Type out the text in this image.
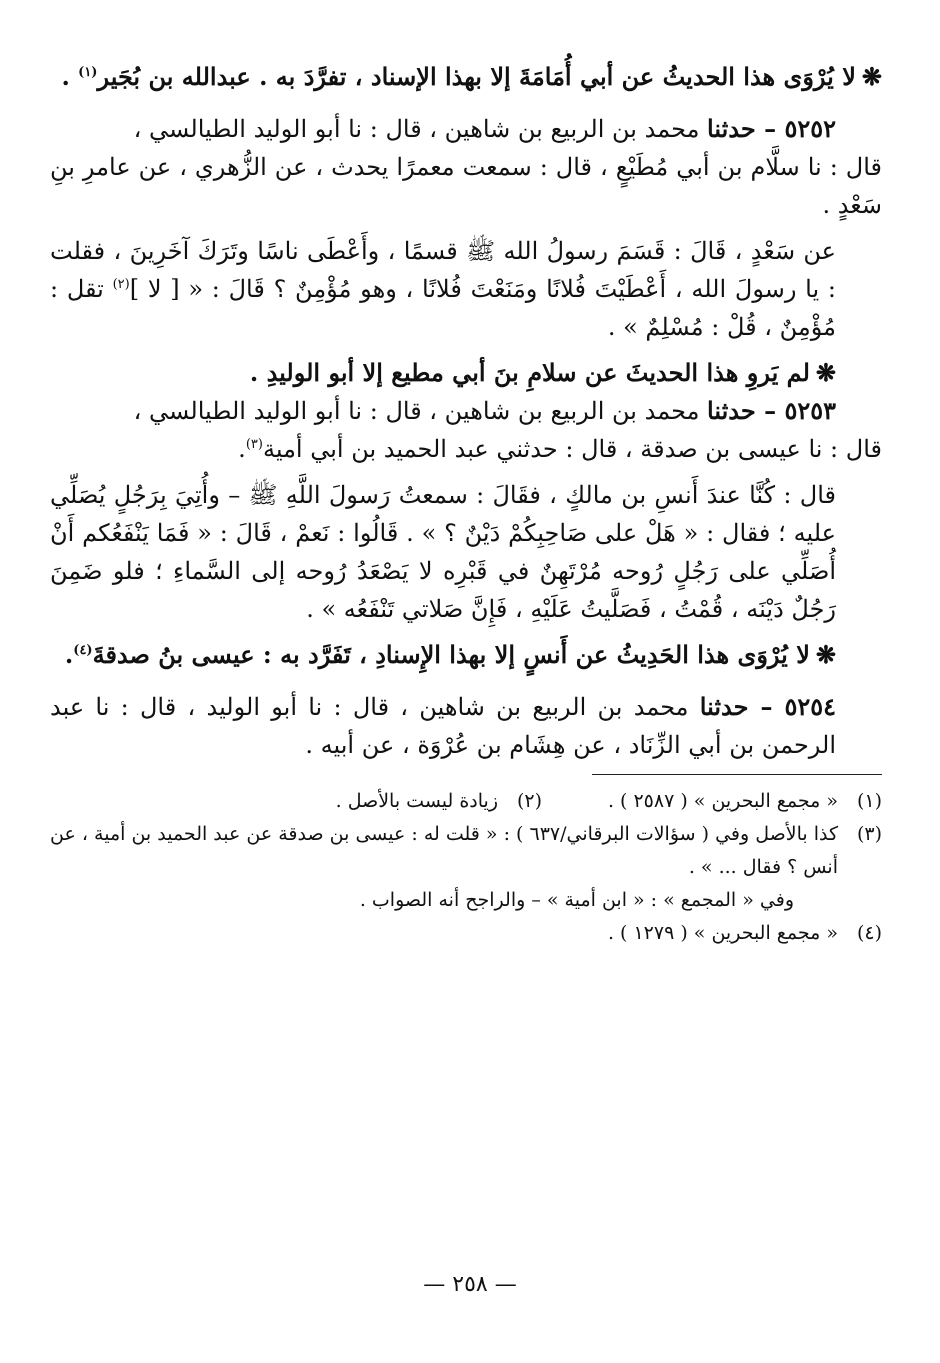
❋لا يُرْوَى هذا الحديثُ عن أبي أُمَامَةَ إلا بهذا الإسناد ، تفرَّدَ به . عبدالله بن بُجَير$^{(١)}$ .
٥٢٥٢ – حدثنا محمد بن الربيع بن شاهين ، قال : نا أبو الوليد الطيالسي ،
قال : نا سلَّام بن أبي مُطَيْعٍ ، قال : سمعت معمرًا يحدث ، عن الزُّهري ، عن عامرِ بنِ سَعْدٍ .
عن سَعْدٍ ، قَالَ : قَسَمَ رسولُ الله ﷺ قسمًا ، وأَعْطَى ناسًا وتَرَكَ آخَرِينَ ، فقلت : يا رسولَ الله ، أَعْطَيْتَ فُلانًا ومَنَعْتَ فُلانًا ، وهو مُؤْمِنٌ ؟ قَالَ : « [ لا ]$^{(٢)}$ تقل : مُؤْمِنٌ ، قُلْ : مُسْلِمٌ » .
❋لم يَروِ هذا الحديثَ عن سلامِ بنَ أبي مطيع إلا أبو الوليدِ .
٥٢٥٣ – حدثنا محمد بن الربيع بن شاهين ، قال : نا أبو الوليد الطيالسي ،
قال : نا عيسى بن صدقة ، قال : حدثني عبد الحميد بن أبي أمية$^{(٣)}$.
قال : كُنَّا عندَ أَنسِ بن مالكٍ ، فقَالَ : سمعتُ رَسولَ اللَّهِ ﷺ – وأُتِيَ بِرَجُلٍ يُصَلِّي عليه ؛ فقال : « هَلْ على صَاحِبِكُمْ دَيْنٌ ؟ » . قَالُوا : نَعمْ ، قَالَ : « فَمَا يَنْفَعُكم أَنْ أُصَلِّي على رَجُلٍ رُوحه مُرْتَهِنٌ في قَبْرِه لا يَصْعَدُ رُوحه إلى السَّماءِ ؛ فلو ضَمِنَ رَجُلٌ دَيْنَه ، قُمْتُ ، فَصَلَّيتُ عَلَيْهِ ، فَإِنَّ صَلاتي تَنْفَعُه » .
❋لا يُرْوَى هذا الحَدِيثُ عن أَنسٍ إلا بهذا الإِسنادِ ، تَفَرَّد به : عيسى بنُ صدقةَ$^{(٤)}$.
٥٢٥٤ – حدثنا محمد بن الربيع بن شاهين ، قال : نا أبو الوليد ، قال : نا عبد الرحمن بن أبي الزِّنَاد ، عن هِشَام بن عُرْوَة ، عن أبيه .
(١)
« مجمع البحرين » ( ٢٥٨٧ ) .
(٢)
زيادة ليست بالأصل .
(٣)
كذا بالأصل وفي ( سؤالات البرقاني/٦٣٧ ) : « قلت له : عيسى بن صدقة عن عبد الحميد بن أمية ، عن أنس ؟ فقال ... » .
وفي « المجمع » : « ابن أمية » – والراجح أنه الصواب .
(٤)
« مجمع البحرين » ( ١٢٧٩ ) .
— ٢٥٨ —
